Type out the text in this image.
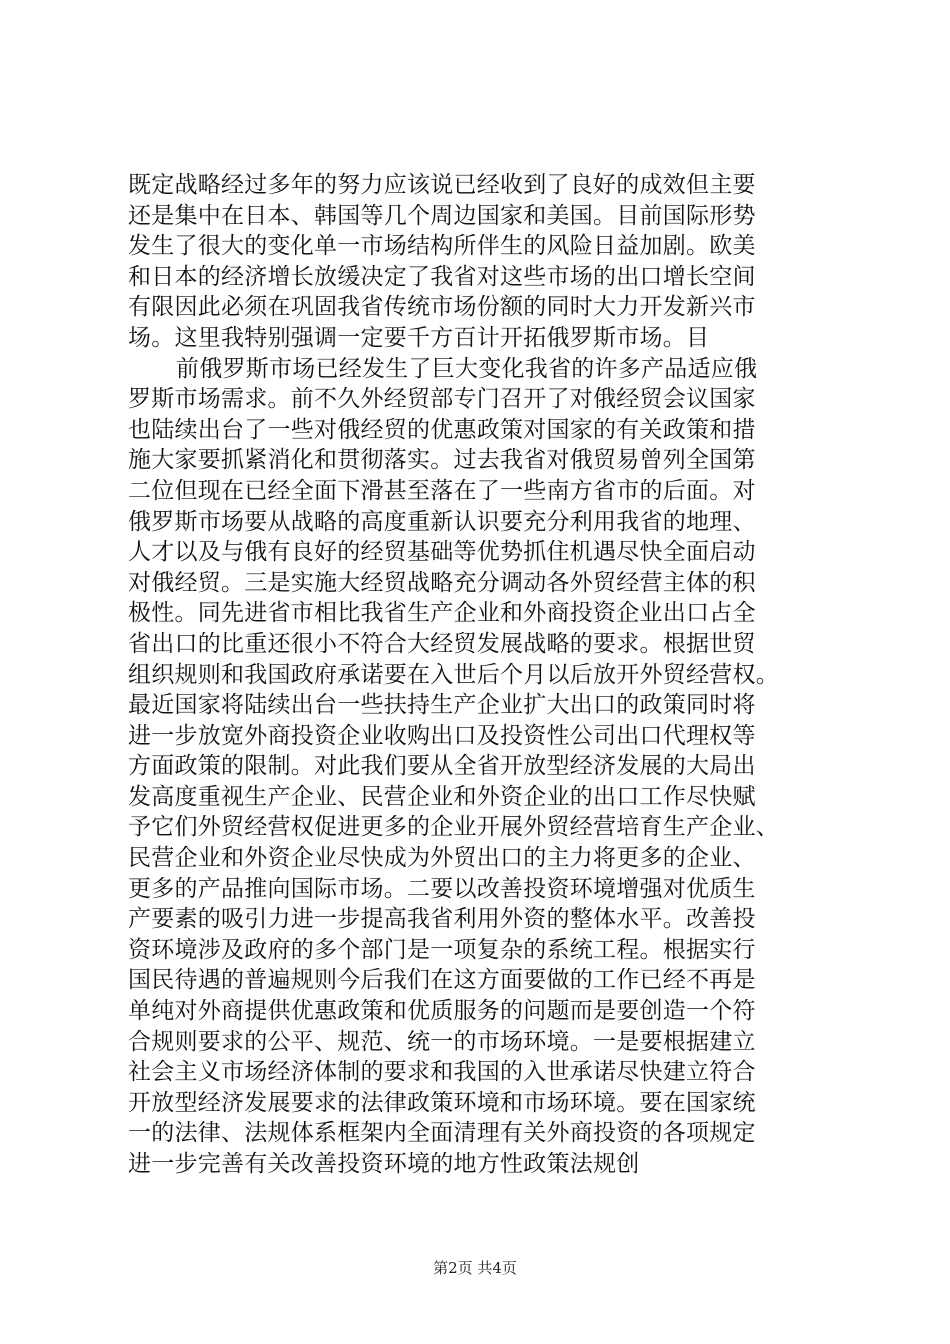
既定战略经过多年的努力应该说已经收到了良好的成效但主要
还是集中在日本、韩国等几个周边国家和美国。目前国际形势
发生了很大的变化单一市场结构所伴生的风险日益加剧。欧美
和日本的经济增长放缓决定了我省对这些市场的出口增长空间
有限因此必须在巩固我省传统市场份额的同时大力开发新兴市
场。这里我特别强调一定要千方百计开拓俄罗斯市场。目
前俄罗斯市场已经发生了巨大变化我省的许多产品适应俄
罗斯市场需求。前不久外经贸部专门召开了对俄经贸会议国家
也陆续出台了一些对俄经贸的优惠政策对国家的有关政策和措
施大家要抓紧消化和贯彻落实。过去我省对俄贸易曾列全国第
二位但现在已经全面下滑甚至落在了一些南方省市的后面。对
俄罗斯市场要从战略的高度重新认识要充分利用我省的地理、
人才以及与俄有良好的经贸基础等优势抓住机遇尽快全面启动
对俄经贸。三是实施大经贸战略充分调动各外贸经营主体的积
极性。同先进省市相比我省生产企业和外商投资企业出口占全
省出口的比重还很小不符合大经贸发展战略的要求。根据世贸
组织规则和我国政府承诺要在入世后个月以后放开外贸经营权。
最近国家将陆续出台一些扶持生产企业扩大出口的政策同时将
进一步放宽外商投资企业收购出口及投资性公司出口代理权等
方面政策的限制。对此我们要从全省开放型经济发展的大局出
发高度重视生产企业、民营企业和外资企业的出口工作尽快赋
予它们外贸经营权促进更多的企业开展外贸经营培育生产企业、
民营企业和外资企业尽快成为外贸出口的主力将更多的企业、
更多的产品推向国际市场。二要以改善投资环境增强对优质生
产要素的吸引力进一步提高我省利用外资的整体水平。改善投
资环境涉及政府的多个部门是一项复杂的系统工程。根据实行
国民待遇的普遍规则今后我们在这方面要做的工作已经不再是
单纯对外商提供优惠政策和优质服务的问题而是要创造一个符
合规则要求的公平、规范、统一的市场环境。一是要根据建立
社会主义市场经济体制的要求和我国的入世承诺尽快建立符合
开放型经济发展要求的法律政策环境和市场环境。要在国家统
一的法律、法规体系框架内全面清理有关外商投资的各项规定
进一步完善有关改善投资环境的地方性政策法规创
第2页 共4页
